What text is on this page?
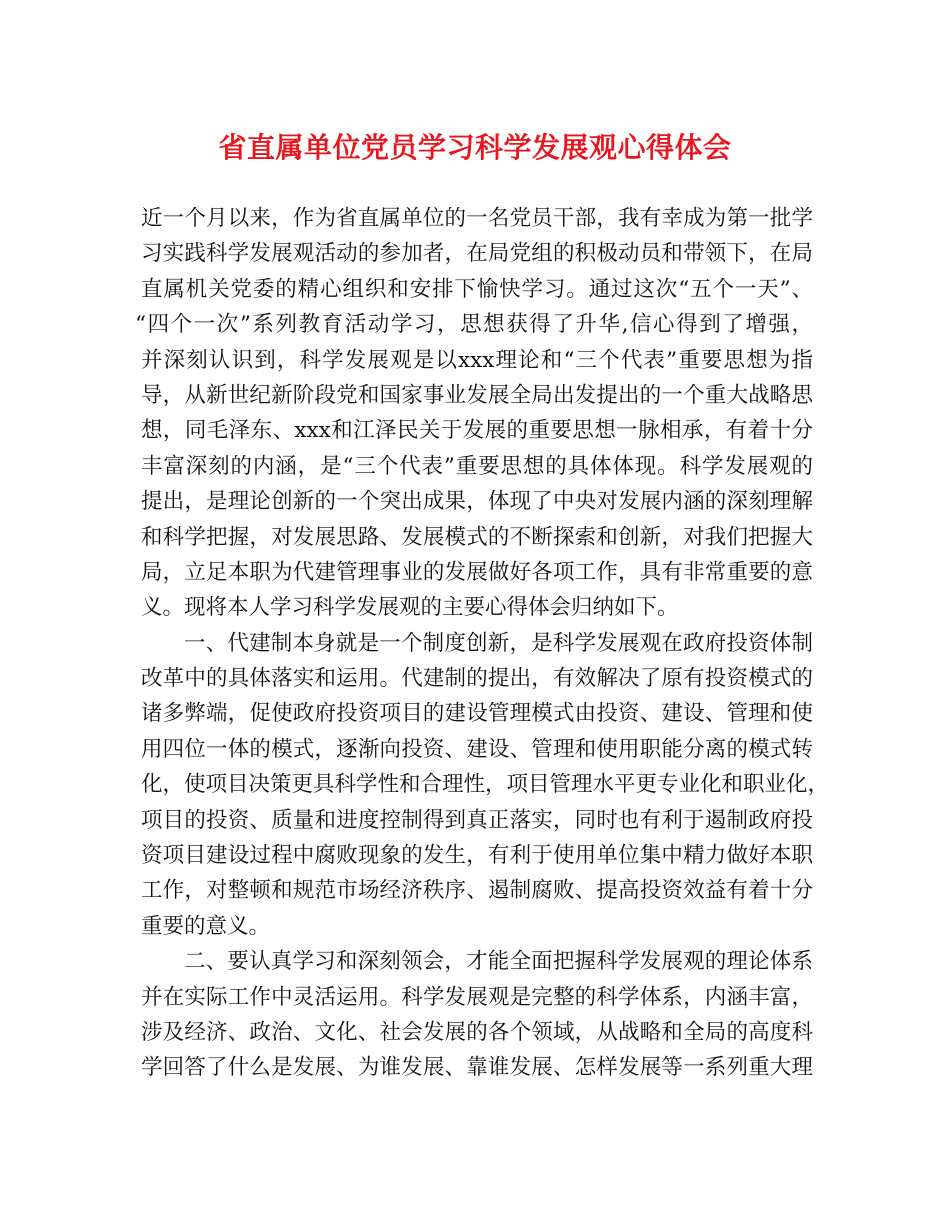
省直属单位党员学习科学发展观心得体会
近一个月以来，作为省直属单位的一名党员干部，我有幸成为第一批学
习实践科学发展观活动的参加者，在局党组的积极动员和带领下，在局
直属机关党委的精心组织和安排下愉快学习。通过这次“五个一天”、
“四个一次”系列教育活动学习，思想获得了升华,信心得到了增强，
并深刻认识到，科学发展观是以xxx理论和“三个代表”重要思想为指
导，从新世纪新阶段党和国家事业发展全局出发提出的一个重大战略思
想，同毛泽东、xxx和江泽民关于发展的重要思想一脉相承，有着十分
丰富深刻的内涵，是“三个代表”重要思想的具体体现。科学发展观的
提出，是理论创新的一个突出成果，体现了中央对发展内涵的深刻理解
和科学把握，对发展思路、发展模式的不断探索和创新，对我们把握大
局，立足本职为代建管理事业的发展做好各项工作，具有非常重要的意
义。现将本人学习科学发展观的主要心得体会归纳如下。
一、代建制本身就是一个制度创新，是科学发展观在政府投资体制
改革中的具体落实和运用。代建制的提出，有效解决了原有投资模式的
诸多弊端，促使政府投资项目的建设管理模式由投资、建设、管理和使
用四位一体的模式，逐渐向投资、建设、管理和使用职能分离的模式转
化，使项目决策更具科学性和合理性，项目管理水平更专业化和职业化，
项目的投资、质量和进度控制得到真正落实，同时也有利于遏制政府投
资项目建设过程中腐败现象的发生，有利于使用单位集中精力做好本职
工作，对整顿和规范市场经济秩序、遏制腐败、提高投资效益有着十分
重要的意义。
二、要认真学习和深刻领会，才能全面把握科学发展观的理论体系
并在实际工作中灵活运用。科学发展观是完整的科学体系，内涵丰富，
涉及经济、政治、文化、社会发展的各个领域，从战略和全局的高度科
学回答了什么是发展、为谁发展、靠谁发展、怎样发展等一系列重大理
